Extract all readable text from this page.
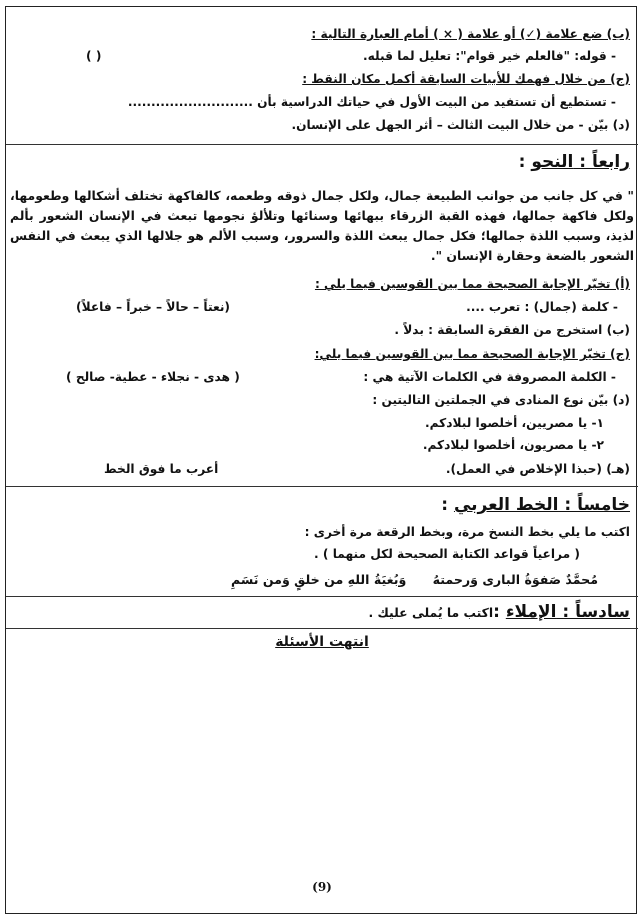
(ب) ضع علامة (✓) أو علامة ( × ) أمام العبارة التالية :
- قوله: "فالعلم خير قوام": تعليل لما قبله.
( )
(ج) من خلال فهمك للأبيات السابقة أكمل مكان النقط :
- تستطيع أن تستفيد من البيت الأول في حياتك الدراسية بأن ...........................
(د) بيّن - من خلال البيت الثالث – أثر الجهل على الإنسان.
رابعاً : النحو :
" في كل جانب من جوانب الطبيعة جمال، ولكل جمال ذوقه وطعمه، كالفاكهة تختلف أشكالها وطعومها، ولكل فاكهة جمالها، فهذه القبة الزرقاء ببهائها وسنائها وتلألؤ نجومها تبعث في الإنسان الشعور بألم لذيذ، وسبب اللذة جمالها؛ فكل جمال يبعث اللذة والسرور، وسبب الألم هو جلالها الذي يبعث في النفس الشعور بالضعة وحقارة الإنسان ".
(أ) تخيّر الإجابة الصحيحة مما بين القوسين فيما يلي :
- كلمة (جمال) : تعرب ....
(نعتاً – حالاً – خبراً – فاعلاً)
(ب) استخرج من الفقرة السابقة : بدلاً .
(ج) تخيّر الإجابة الصحيحة مما بين القوسين فيما يلي:
- الكلمة المصروفة في الكلمات الآتية هي :
( هدى - نجلاء - عطية- صالح )
(د) بيّن نوع المنادى في الجملتين التاليتين :
١- يا مصريين، أخلصوا لبلادكم.
٢- يا مصريون، أخلصوا لبلادكم.
(هـ) (حبذا الإخلاص في العمل).
أعرب ما فوق الخط
خامساً : الخط العربي :
اكتب ما يلي بخط النسخ مرة، وبخط الرقعة مرة أخرى :
( مراعياً قواعد الكتابة الصحيحة لكل منهما ) .
مُحمَّدٌ صَفوَةُ البارى وَرحمتهُ      وَبُغيَةُ اللهِ من خلقٍ وَمن نَسَمِ
سادساً : الإملاء :اكتب ما يُملى عليك .
انتهت الأسئلة
(9)
